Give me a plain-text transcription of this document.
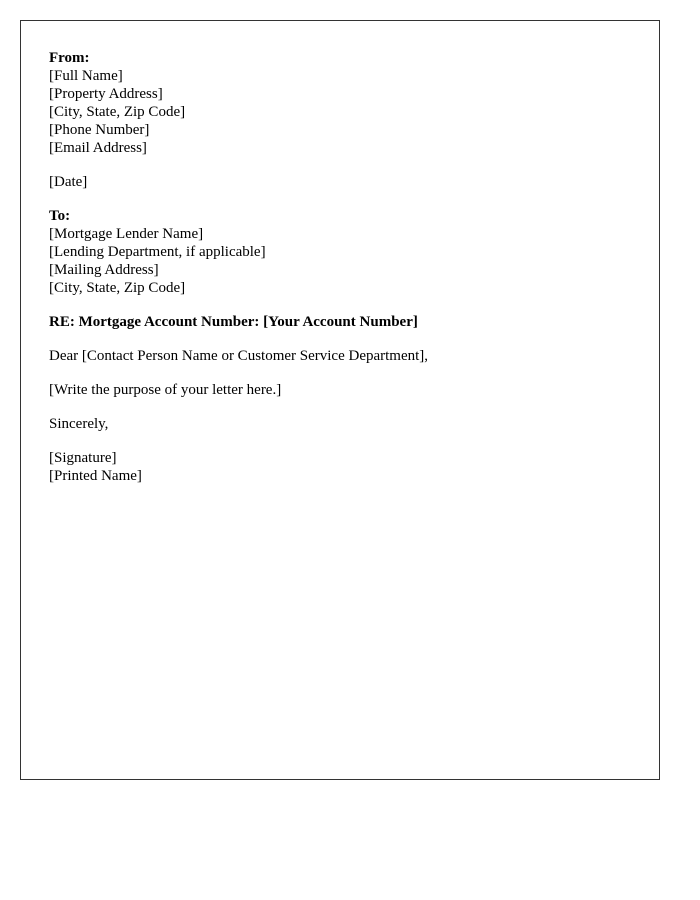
From:
[Full Name]
[Property Address]
[City, State, Zip Code]
[Phone Number]
[Email Address]
[Date]
To:
[Mortgage Lender Name]
[Lending Department, if applicable]
[Mailing Address]
[City, State, Zip Code]
RE: Mortgage Account Number: [Your Account Number]
Dear [Contact Person Name or Customer Service Department],
[Write the purpose of your letter here.]
Sincerely,
[Signature]
[Printed Name]
